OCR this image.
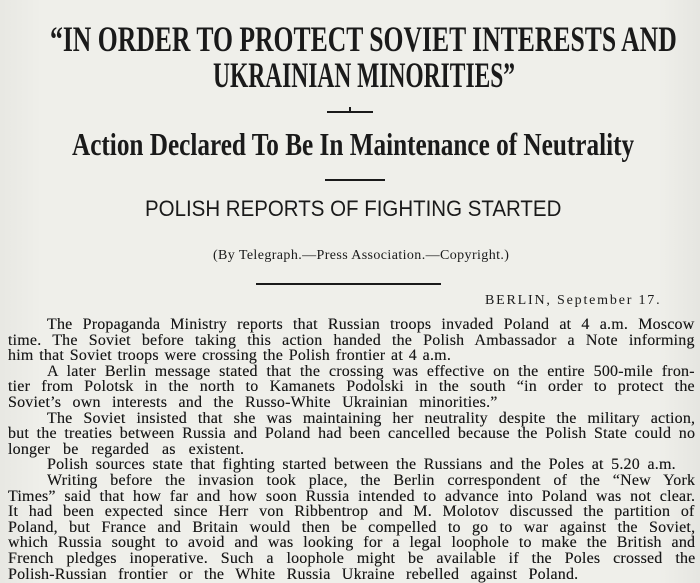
“IN ORDER TO PROTECT SOVIET INTERESTS AND
UKRAINIAN MINORITIES”
Action Declared To Be In Maintenance of Neutrality
POLISH REPORTS OF FIGHTING STARTED
(By Telegraph.—Press Association.—Copyright.)
BERLIN, September 17.
The Propaganda Ministry reports that Russian troops invaded Poland at 4 a.m. Moscow
time. The Soviet before taking this action handed the Polish Ambassador a Note informing
him that Soviet troops were crossing the Polish frontier at 4 a.m.
A later Berlin message stated that the crossing was effective on the entire 500-mile fron-
tier from Polotsk in the north to Kamanets Podolski in the south “in order to protect the
Soviet’s own interests and the Russo-White Ukrainian minorities.”
The Soviet insisted that she was maintaining her neutrality despite the military action,
but the treaties between Russia and Poland had been cancelled because the Polish State could no
longer be regarded as existent.
Polish sources state that fighting started between the Russians and the Poles at 5.20 a.m.
Writing before the invasion took place, the Berlin correspondent of the “New York
Times” said that how far and how soon Russia intended to advance into Poland was not clear.
It had been expected since Herr von Ribbentrop and M. Molotov discussed the partition of
Poland, but France and Britain would then be compelled to go to war against the Soviet,
which Russia sought to avoid and was looking for a legal loophole to make the British and
French pledges inoperative. Such a loophole might be available if the Poles crossed the
Polish-Russian frontier or the White Russia Ukraine rebelled against Poland.
